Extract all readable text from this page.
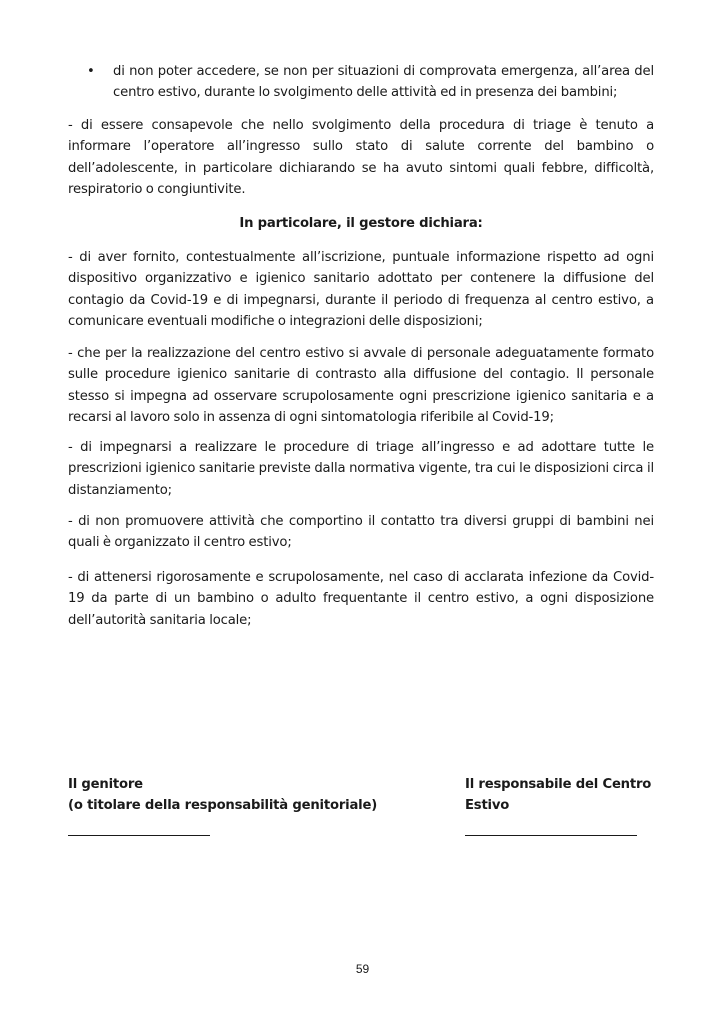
•	di non poter accedere, se non per situazioni di comprovata emergenza, all’area del centro estivo, durante lo svolgimento delle attività ed in presenza dei bambini;
- di essere consapevole che nello svolgimento della procedura di triage è tenuto a informare l’operatore all’ingresso sullo stato di salute corrente del bambino o dell’adolescente, in particolare dichiarando se ha avuto sintomi quali febbre, difficoltà, respiratorio o congiuntivite.
In particolare, il gestore dichiara:
- di aver fornito, contestualmente all’iscrizione, puntuale informazione rispetto ad ogni dispositivo organizzativo e igienico sanitario adottato per contenere la diffusione del contagio da Covid-19 e di impegnarsi, durante il periodo di frequenza al centro estivo, a comunicare eventuali modifiche o integrazioni delle disposizioni;
- che per la realizzazione del centro estivo si avvale di personale adeguatamente formato sulle procedure igienico sanitarie di contrasto alla diffusione del contagio. Il personale stesso si impegna ad osservare scrupolosamente ogni prescrizione igienico sanitaria e a recarsi al lavoro solo in assenza di ogni sintomatologia riferibile al Covid-19;
- di impegnarsi a realizzare le procedure di triage all’ingresso e ad adottare tutte le prescrizioni igienico sanitarie previste dalla normativa vigente, tra cui le disposizioni circa il distanziamento;
- di non promuovere attività che comportino il contatto tra diversi gruppi di bambini nei quali è organizzato il centro estivo;
- di attenersi rigorosamente e scrupolosamente, nel caso di acclarata infezione da Covid-19 da parte di un bambino o adulto frequentante il centro estivo, a ogni disposizione dell’autorità sanitaria locale;
Il genitore
(o titolare della responsabilità genitoriale)
Il responsabile del Centro
Estivo
59
